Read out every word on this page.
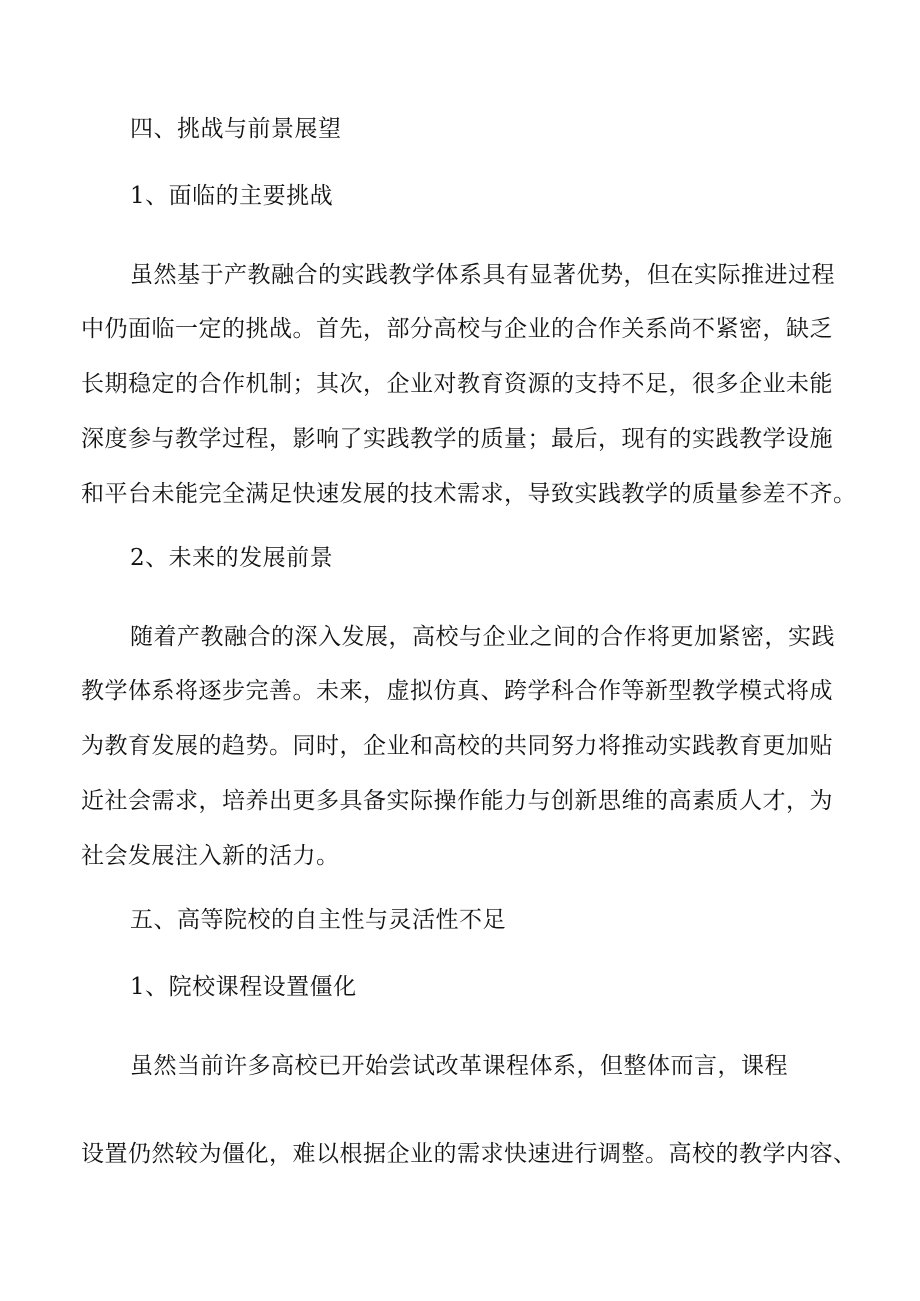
四、挑战与前景展望
1、面临的主要挑战
虽然基于产教融合的实践教学体系具有显著优势，但在实际推进过程
中仍面临一定的挑战。首先，部分高校与企业的合作关系尚不紧密，缺乏
长期稳定的合作机制；其次，企业对教育资源的支持不足，很多企业未能
深度参与教学过程，影响了实践教学的质量；最后，现有的实践教学设施
和平台未能完全满足快速发展的技术需求，导致实践教学的质量参差不齐。
2、未来的发展前景
随着产教融合的深入发展，高校与企业之间的合作将更加紧密，实践
教学体系将逐步完善。未来，虚拟仿真、跨学科合作等新型教学模式将成
为教育发展的趋势。同时，企业和高校的共同努力将推动实践教育更加贴
近社会需求，培养出更多具备实际操作能力与创新思维的高素质人才，为
社会发展注入新的活力。
五、高等院校的自主性与灵活性不足
1、院校课程设置僵化
虽然当前许多高校已开始尝试改革课程体系，但整体而言，课程
设置仍然较为僵化，难以根据企业的需求快速进行调整。高校的教学内容、
